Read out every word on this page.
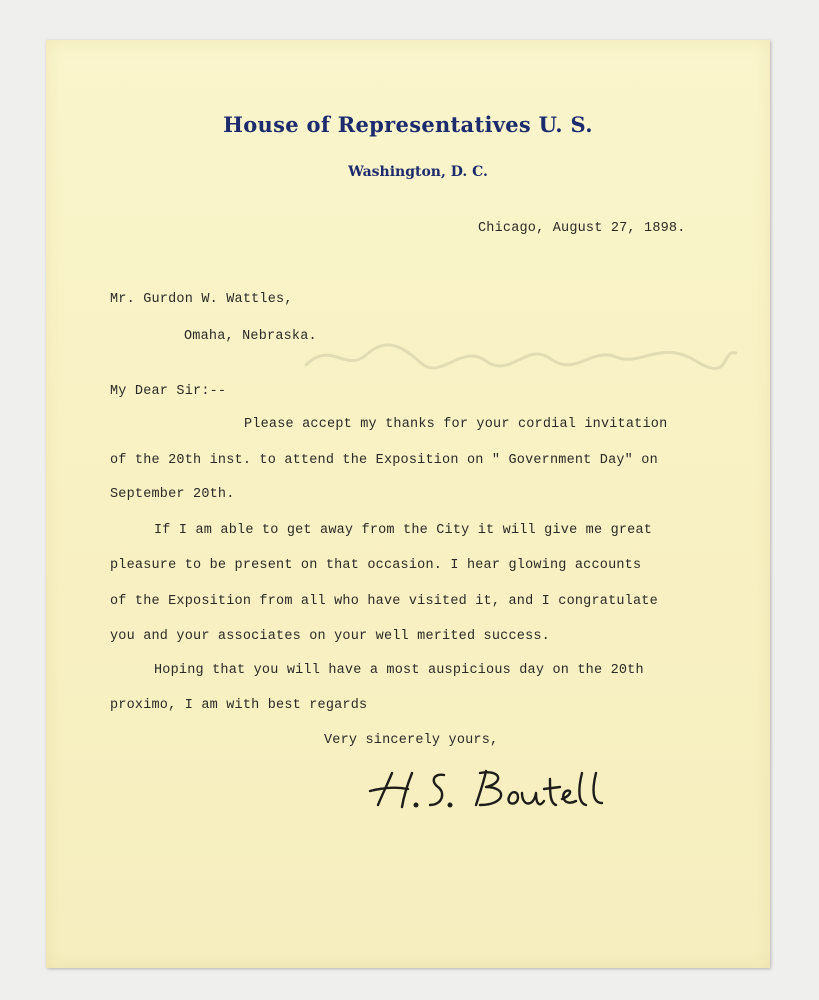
House of Representatives U. S.
Washington, D. C.
Chicago, August 27, 1898.
Mr. Gurdon W. Wattles,
Omaha, Nebraska.
My Dear Sir:--
Please accept my thanks for your cordial invitation
of the 20th inst. to attend the Exposition on " Government Day" on
September 20th.
If I am able to get away from the City it will give me great
pleasure to be present on that occasion. I hear glowing accounts
of the Exposition from all who have visited it, and I congratulate
you and your associates on your well merited success.
Hoping that you will have a most auspicious day on the 20th
proximo, I am with best regards
Very sincerely yours,
